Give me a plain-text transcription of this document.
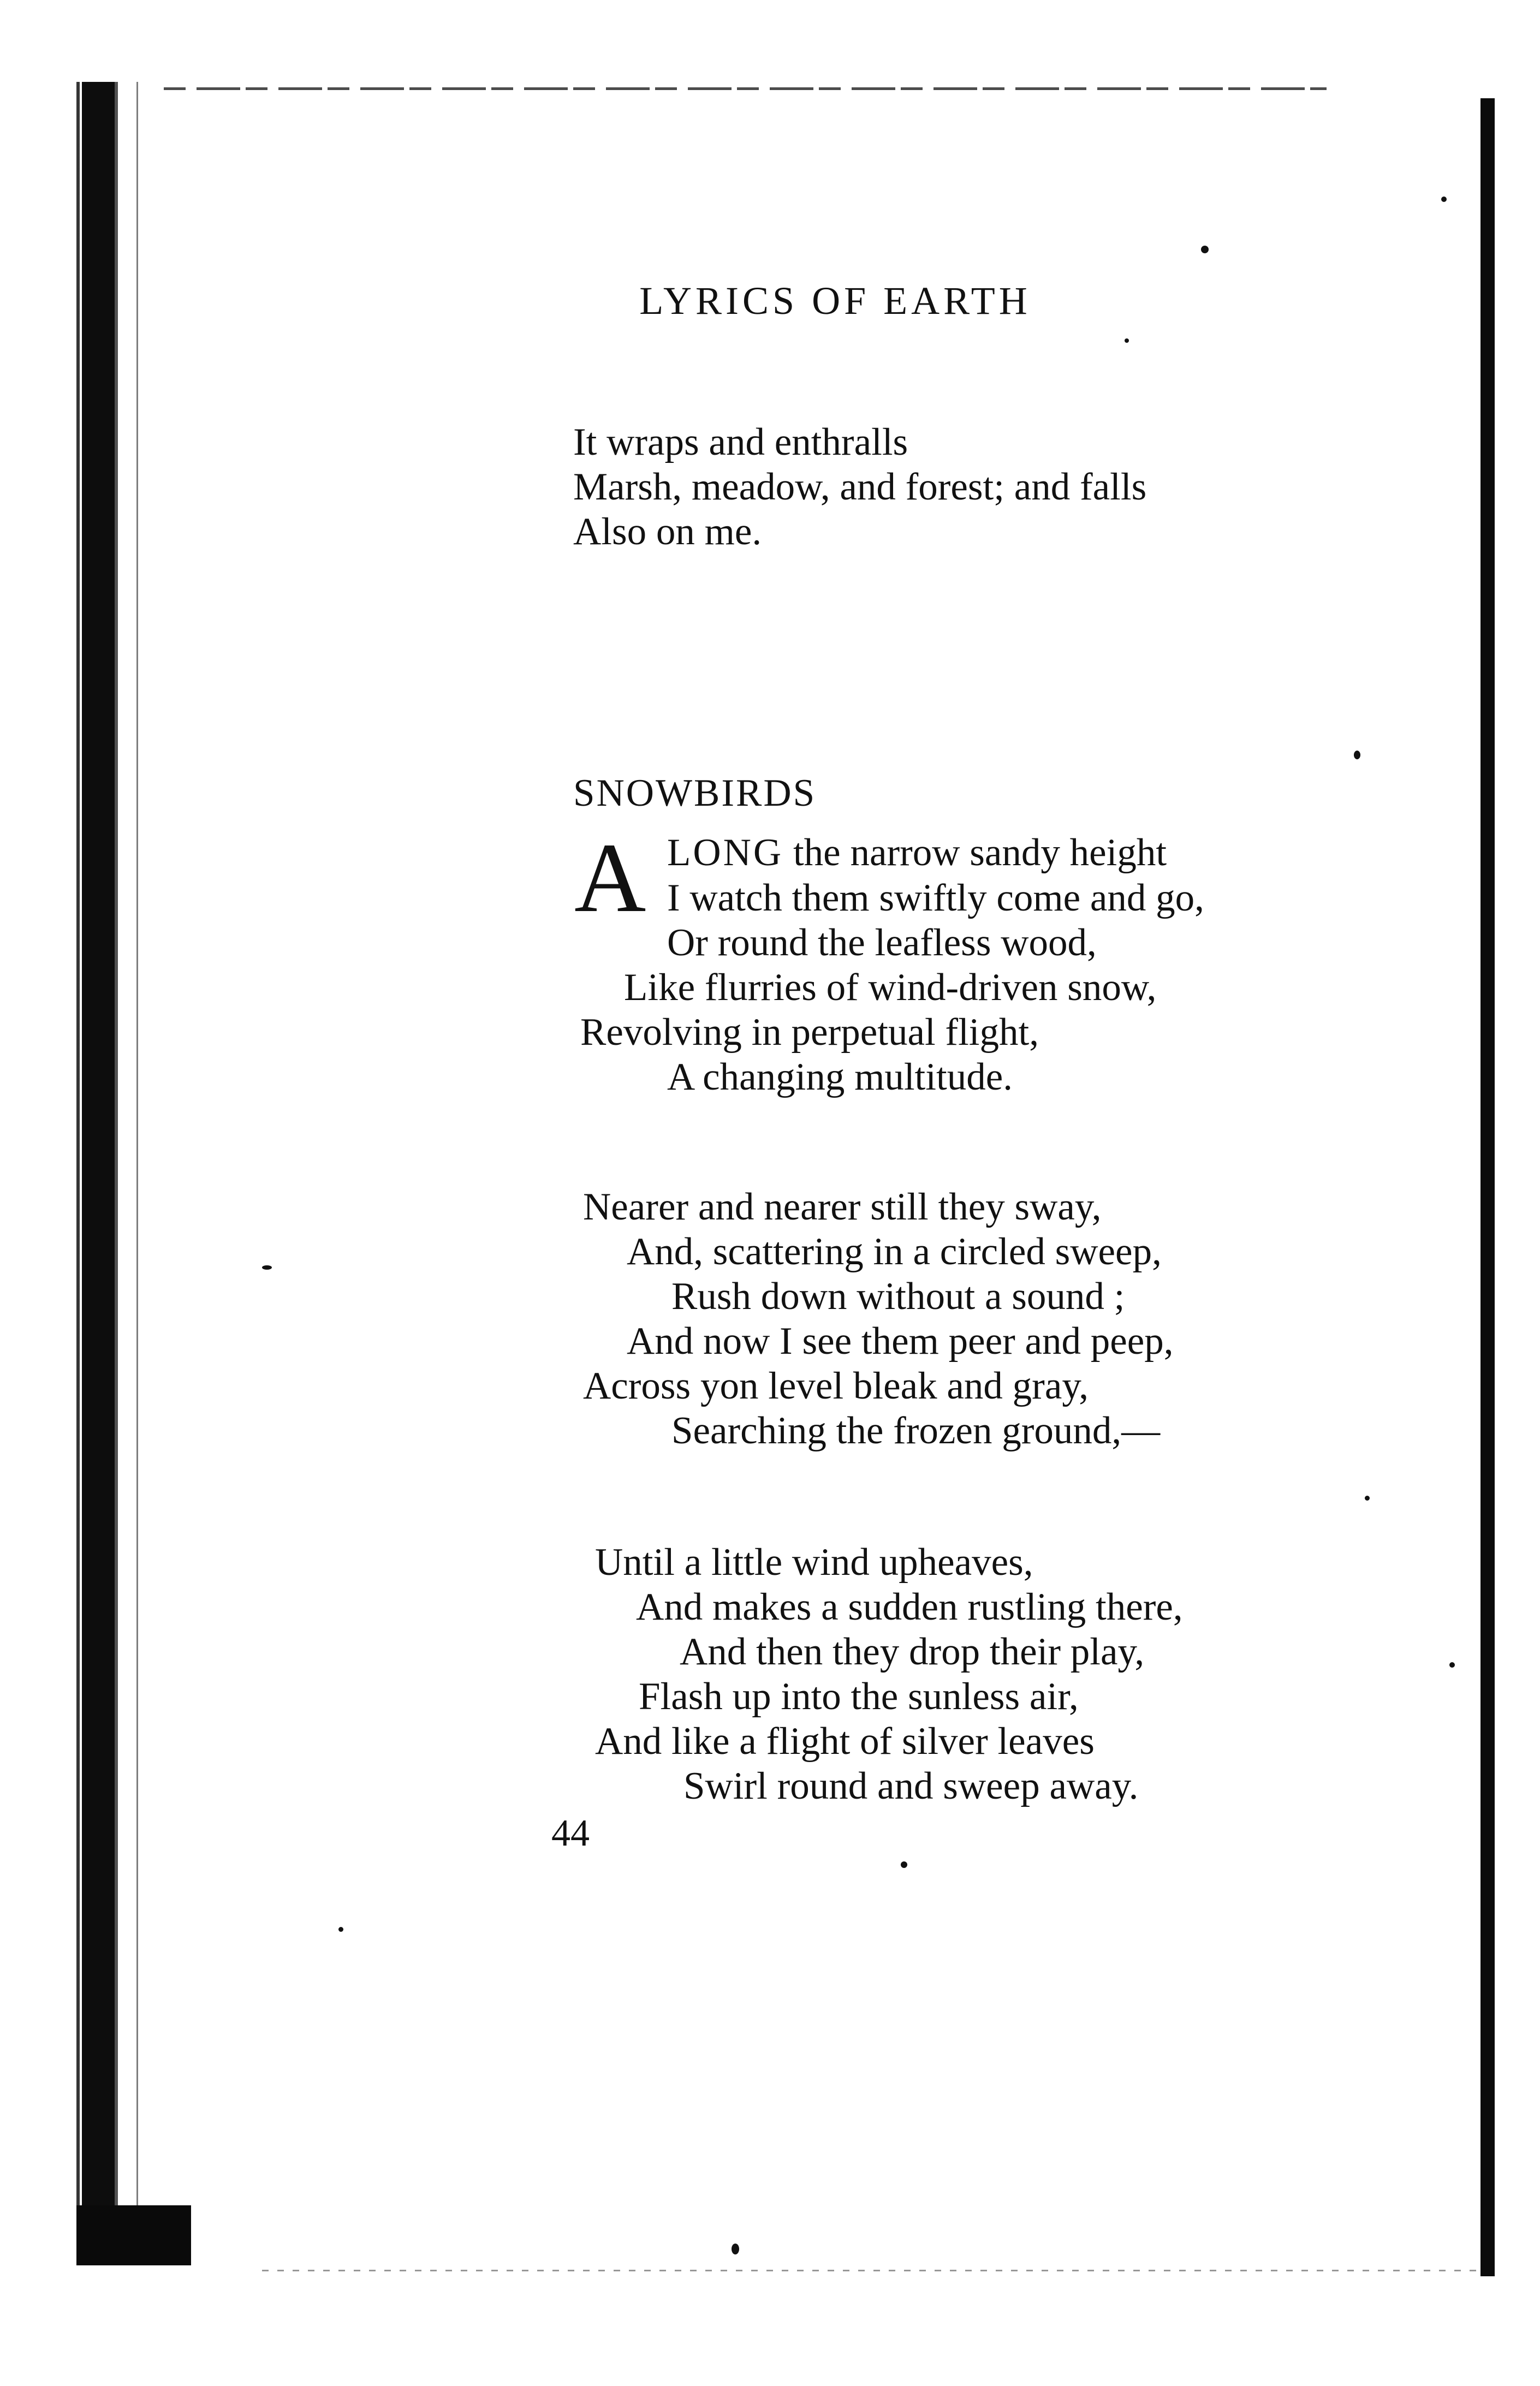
LYRICS OF EARTH
It wraps and enthralls
Marsh, meadow, and forest; and falls
Also on me.
SNOWBIRDS
A LONG the narrow sandy height
I watch them swiftly come and go,
Or round the leafless wood,
Like flurries of wind-driven snow,
Revolving in perpetual flight,
A changing multitude.
Nearer and nearer still they sway,
And, scattering in a circled sweep,
Rush down without a sound ;
And now I see them peer and peep,
Across yon level bleak and gray,
Searching the frozen ground,—
Until a little wind upheaves,
And makes a sudden rustling there,
And then they drop their play,
Flash up into the sunless air,
And like a flight of silver leaves
Swirl round and sweep away.
44
